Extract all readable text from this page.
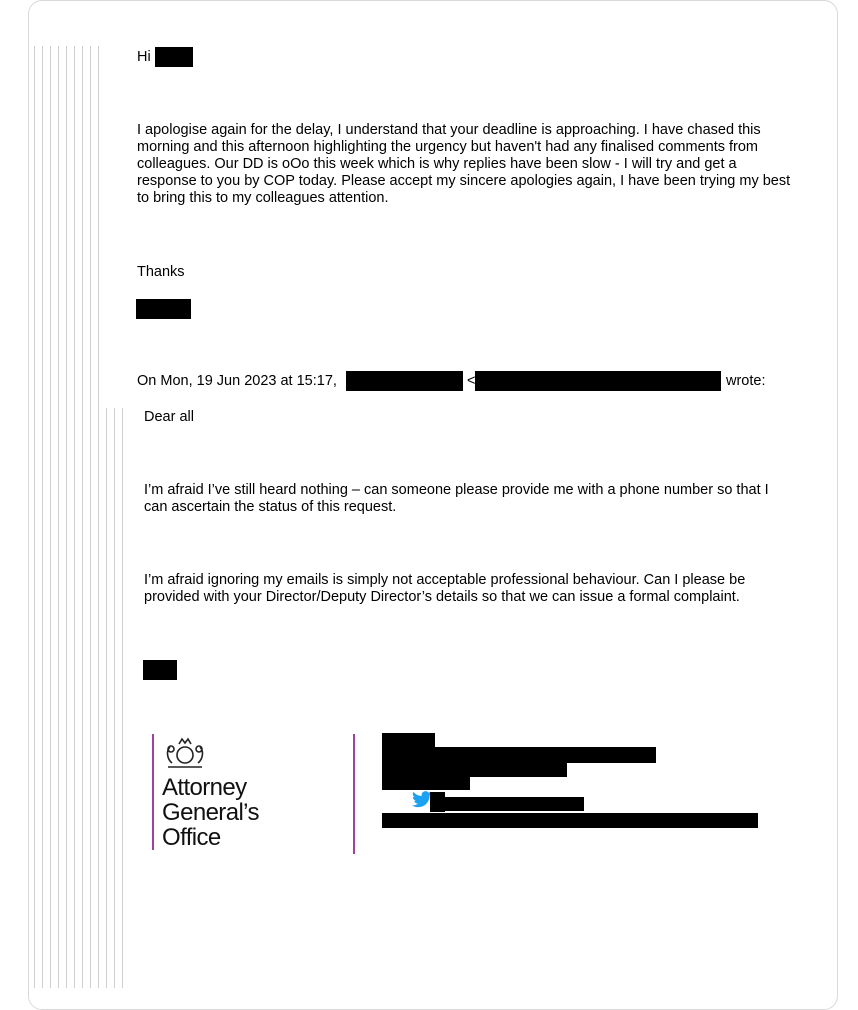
Hi

I apologise again for the delay, I understand that your deadline is approaching. I have chased this morning and this afternoon highlighting the urgency but haven't had any finalised comments from colleagues. Our DD is oOo this week which is why replies have been slow - I will try and get a response to you by COP today. Please accept my sincere apologies again, I have been trying my best to bring this to my colleagues attention.

Thanks

On Mon, 19 Jun 2023 at 15:17,	<	wrote:

Dear all

I’m afraid I’ve still heard nothing – can someone please provide me with a phone number so that I can ascertain the status of this request.

I’m afraid ignoring my emails is simply not acceptable professional behaviour. Can I please be provided with your Director/Deputy Director’s details so that we can issue a formal complaint.

Attorney
General’s
Office
